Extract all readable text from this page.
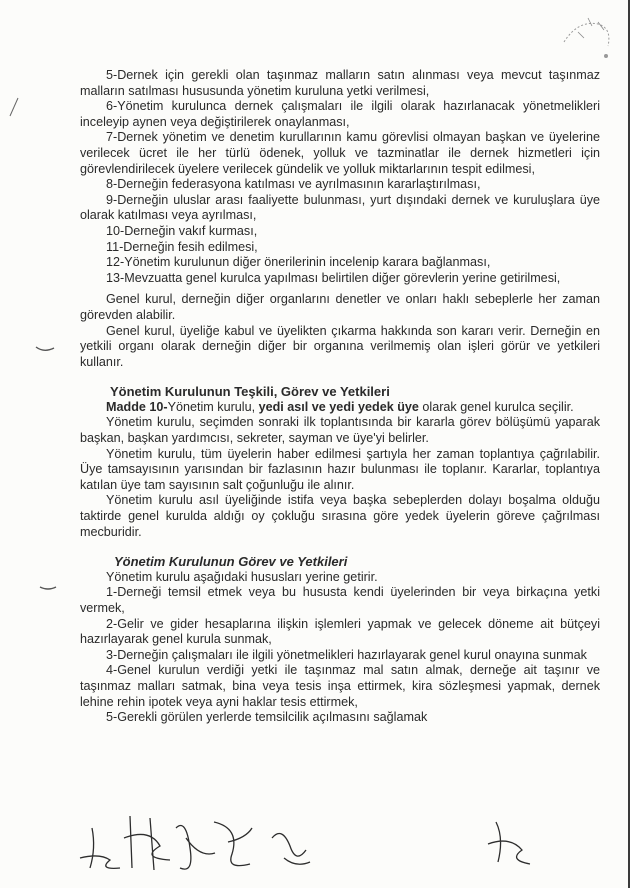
5-Dernek için gerekli olan taşınmaz malların satın alınması veya mevcut taşınmaz malların satılması hususunda yönetim kuruluna yetki verilmesi,

6-Yönetim kurulunca dernek çalışmaları ile ilgili olarak hazırlanacak yönetmelikleri inceleyip aynen veya değiştirilerek onaylanması,

7-Dernek yönetim ve denetim kurullarının kamu görevlisi olmayan başkan ve üyelerine verilecek ücret ile her türlü ödenek, yolluk ve tazminatlar ile dernek hizmetleri için görevlendirilecek üyelere verilecek gündelik ve yolluk miktarlarının tespit edilmesi,

8-Derneğin federasyona katılması ve ayrılmasının kararlaştırılması,

9-Derneğin uluslar arası faaliyette bulunması, yurt dışındaki dernek ve kuruluşlara üye olarak katılması veya ayrılması,

10-Derneğin vakıf kurması,

11-Derneğin fesih edilmesi,

12-Yönetim kurulunun diğer önerilerinin incelenip karara bağlanması,

13-Mevzuatta genel kurulca yapılması belirtilen diğer görevlerin yerine getirilmesi,

Genel kurul, derneğin diğer organlarını denetler ve onları haklı sebeplerle her zaman görevden alabilir.

Genel kurul, üyeliğe kabul ve üyelikten çıkarma hakkında son kararı verir. Derneğin en yetkili organı olarak derneğin diğer bir organına verilmemiş olan işleri görür ve yetkileri kullanır.

Yönetim Kurulunun Teşkili, Görev ve Yetkileri

Madde 10-Yönetim kurulu, yedi asıl ve yedi yedek üye olarak genel kurulca seçilir.

Yönetim kurulu, seçimden sonraki ilk toplantısında bir kararla görev bölüşümü yaparak başkan, başkan yardımcısı, sekreter, sayman ve üye'yi belirler.

Yönetim kurulu, tüm üyelerin haber edilmesi şartıyla her zaman toplantıya çağrılabilir. Üye tamsayısının yarısından bir fazlasının hazır bulunması ile toplanır. Kararlar, toplantıya katılan üye tam sayısının salt çoğunluğu ile alınır.

Yönetim kurulu asıl üyeliğinde istifa veya başka sebeplerden dolayı boşalma olduğu taktirde genel kurulda aldığı oy çokluğu sırasına göre yedek üyelerin göreve çağrılması mecburidir.

Yönetim Kurulunun Görev ve Yetkileri

Yönetim kurulu aşağıdaki hususları yerine getirir.

1-Derneği temsil etmek veya bu hususta kendi üyelerinden bir veya birkaçına yetki vermek,

2-Gelir ve gider hesaplarına ilişkin işlemleri yapmak ve gelecek döneme ait bütçeyi hazırlayarak genel kurula sunmak,

3-Derneğin çalışmaları ile ilgili yönetmelikleri hazırlayarak genel kurul onayına sunmak

4-Genel kurulun verdiği yetki ile taşınmaz mal satın almak, derneğe ait taşınır ve taşınmaz malları satmak, bina veya tesis inşa ettirmek, kira sözleşmesi yapmak, dernek lehine rehin ipotek veya ayni haklar tesis ettirmek,

5-Gerekli görülen yerlerde temsilcilik açılmasını sağlamak
